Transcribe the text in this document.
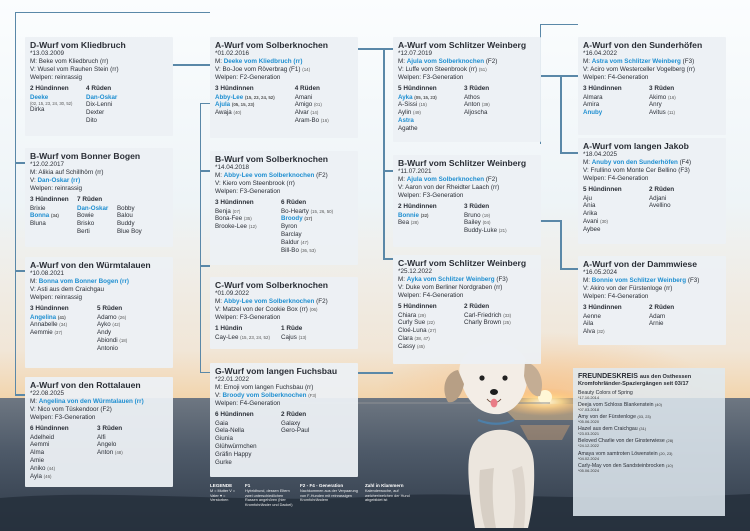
D-Wurf vom Kliedbruch
*13.03.2009
M: Beke vom Kliedbruch (rr)
V: Wusel vom Rauhen Stein (rr)
Welpen: reinrassig
2 Hündinnen
Deeke
(02, 15, 23, 24, 30, 52)
Dirka
4 Rüden
Dan-Oskar
Dix-Lenni
Dexter
Dito
B-Wurf vom Bonner Bogen
*12.02.2017
M: Alikia auf Schillhörn (rr)
V: Dan-Oskar (rr)
Welpen: reinrassig
3 Hündinnen
Brixie
Bonna (34)
Bluna
7 Rüden
Dan-Oskar
Bowie
Brisko
Berti

Bobby
Balou
Buddy
Blue Boy
A-Wurf von den Würmtalauen
*10.08.2021
M: Bonna vom Bonner Bogen (rr)
V: Asti aus dem Craichgau
Welpen: reinrassig
3 Hündinnen
Angelina (41)
Annabelle (34)
Aemmie (37)
5 Rüden
Adamo (26)
Ayko (42)
Andy
Abiondi (18)
Antonio
A-Wurf von den Rottalauen
*22.08.2025
M: Angelina von den Würmtalauen (rr)
V: Nico vom Tüskendoor (F2)
Welpen: F3-Generation
6 Hündinnen
Adelheid
Aemmi
Alma
Amie
Aniko (44)
Ayla (46)
3 Rüden
Alfi
Angelo
Anton (48)
A-Wurf vom Solberknochen
*01.02.2016
M: Deeke vom Kliedbruch (rr)
V: Bo-Joe vom Röverbrag (F1) (14)
Welpen: F2-Generation
3 Hündinnen
Abby-Lee (15, 23, 24, 52)
Ajula (05, 15, 23)
Awaja (40)
4 Rüden
Amani
Amigo (01)
Alvar (14)
Aram-Bo (16)
B-Wurf vom Solberknochen
*14.04.2018
M: Abby-Lee vom Solberknochen (F2)
V: Kiero vom Steenbrook (rr)
Welpen: F3-Generation
3 Hündinnen
Benja (07)
Bona-Fee (35)
Brooke-Lee (12)
6 Rüden
Bo-Hearty (15, 26, 50)
Broody (17)
Byron
Barclay
Baldur (47)
Bill-Bo (36, 53)
C-Wurf vom Solberknochen
*01.09.2022
M: Abby-Lee vom Solberknochen (F2)
V: Matzel von der Cookie Box (rr) (06)
Welpen: F3-Generation
1 Hündin
Cay-Lee (15, 23, 24, 52)
1 Rüde
Cajus (13)
G-Wurf vom langen Fuchsbau
*22.01.2022
M: Emoji vom langen Fuchsbau (rr)
V: Broody vom Solberknochen (F3)
Welpen: F4-Generation
6 Hündinnen
Gaia
Gela-Nella
Giunia
Glühwürmchen
Gräfin Happy
Gurke
2 Rüden
Galaxy
Gero-Paul
A-Wurf vom Schlitzer Weinberg
*12.07.2019
M: Ajula vom Solberknochen (F2)
V: Luffe vom Steenbrook (rr) (51)
Welpen: F3-Generation
5 Hündinnen
Ayka (05, 15, 23)
A-Sissi (15)
Aylin (49)
Astra
Agathe
3 Rüden
Athos
Anton (39)
Aljoscha
B-Wurf vom Schlitzer Weinberg
*11.07.2021
M: Ajula vom Solberknochen (F2)
V: Aaron von der Rheidter Laach (rr)
Welpen: F3-Generation
2 Hündinnen
Bonnie (32)
Bea (28)
3 Rüden
Bruno (19)
Bailey (04)
Buddy-Luke (21)
C-Wurf vom Schlitzer Weinberg
*25.12.2022
M: Ayka vom Schlitzer Weinberg (F3)
V: Duke vom Berliner Nordgraben (rr)
Welpen: F4-Generation
5 Hündinnen
Chiara (29)
Curly Sue (22)
Cloé-Luna (27)
Clara (38, 47)
Cassy (45)
2 Rüden
Carl-Friedrich (33)
Charly Brown (25)
A-Wurf von den Sunderhöfen
*16.04.2022
M: Astra vom Schlitzer Weinberg (F3)
V: Aciro vom Westerceller Vogelberg (rr)
Welpen: F4-Generation
3 Hündinnen
Almara
Amira
Anuby
3 Rüden
Akimo (16)
Anry
Avitus (11)
A-Wurf vom langen Jakob
*18.04.2025
M: Anuby von den Sunderhöfen (F4)
V: Frullino vom Monte Cer Bellino (F3)
Welpen: F4-Generation
5 Hündinnen
Aju
Ania
Arika
Avani (30)
Aybee
2 Rüden
Adjani
Avellino
A-Wurf von der Dammwiese
*16.05.2024
M: Bonnie vom Schlitzer Weinberg (F3)
V: Akiro von der Fürstenloge (rr)
Welpen: F4-Generation
3 Hündinnen
Aenne
Aila
Alva (32)
2 Rüden
Adam
Arnie
FREUNDESKREIS aus den Osthessen
Kromfohrländer-Spaziergängen seit 03/17
Beauty Colors of Spring
*17.10.2014
Deeja vom Schloss Blankenstein (40)
*07.03.2018
Amy von der Fürstenloge (03, 23)
*05.06.2020
Hazel aus dem Craichgau (31)
*23.03.2021
Beloved Charlie von der Ginsterwiese (28)
*24.12.2022
Amaya vom samtroten Löwenstein (20, 23)
*04.02.2024
Carly-May von den Sandsteinbrocken (10)
*05.06.2024
LEGENDE
M = Mutter V = Vater ♥ = Verstorben
F1
Hybridhund, dessen Eltern zwei unterschiedlichen Rassen angehören (hier Kromfohrländer und Dackel)
F2 - F4 - Generation
Nachkommen aus der Verpaarung von F-Hunden mit reinrassigen Kromfohrländern
Zahl in Klammern
Kalenderwoche, auf welcher/welchen der Hund abgebildet ist
